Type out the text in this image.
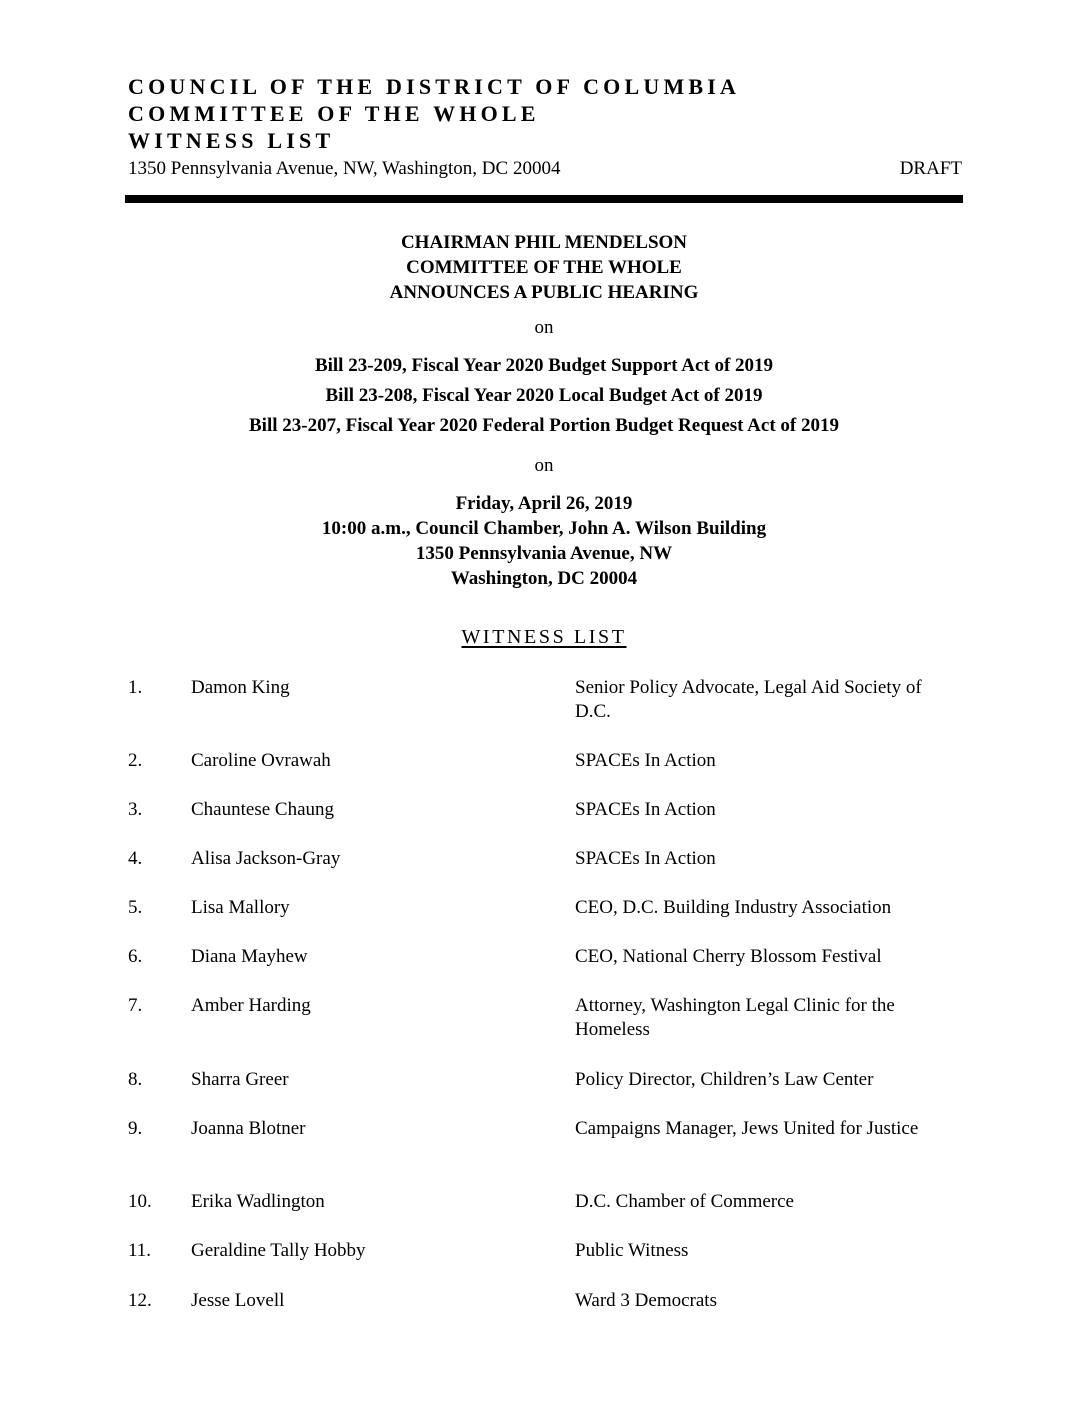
COUNCIL OF THE DISTRICT OF COLUMBIA
COMMITTEE OF THE WHOLE
WITNESS LIST
1350 Pennsylvania Avenue, NW, Washington, DC 20004	DRAFT
CHAIRMAN PHIL MENDELSON
COMMITTEE OF THE WHOLE
ANNOUNCES A PUBLIC HEARING
on
Bill 23-209, Fiscal Year 2020 Budget Support Act of 2019
Bill 23-208, Fiscal Year 2020 Local Budget Act of 2019
Bill 23-207, Fiscal Year 2020 Federal Portion Budget Request Act of 2019
on
Friday, April 26, 2019
10:00 a.m., Council Chamber, John A. Wilson Building
1350 Pennsylvania Avenue, NW
Washington, DC 20004
WITNESS LIST
1.	Damon King	Senior Policy Advocate, Legal Aid Society of D.C.
2.	Caroline Ovrawah	SPACEs In Action
3.	Chauntese Chaung	SPACEs In Action
4.	Alisa Jackson-Gray	SPACEs In Action
5.	Lisa Mallory	CEO, D.C. Building Industry Association
6.	Diana Mayhew	CEO, National Cherry Blossom Festival
7.	Amber Harding	Attorney, Washington Legal Clinic for the Homeless
8.	Sharra Greer	Policy Director, Children’s Law Center
9.	Joanna Blotner	Campaigns Manager, Jews United for Justice
10. Erika Wadlington	D.C. Chamber of Commerce
11. Geraldine Tally Hobby	Public Witness
12. Jesse Lovell	Ward 3 Democrats
